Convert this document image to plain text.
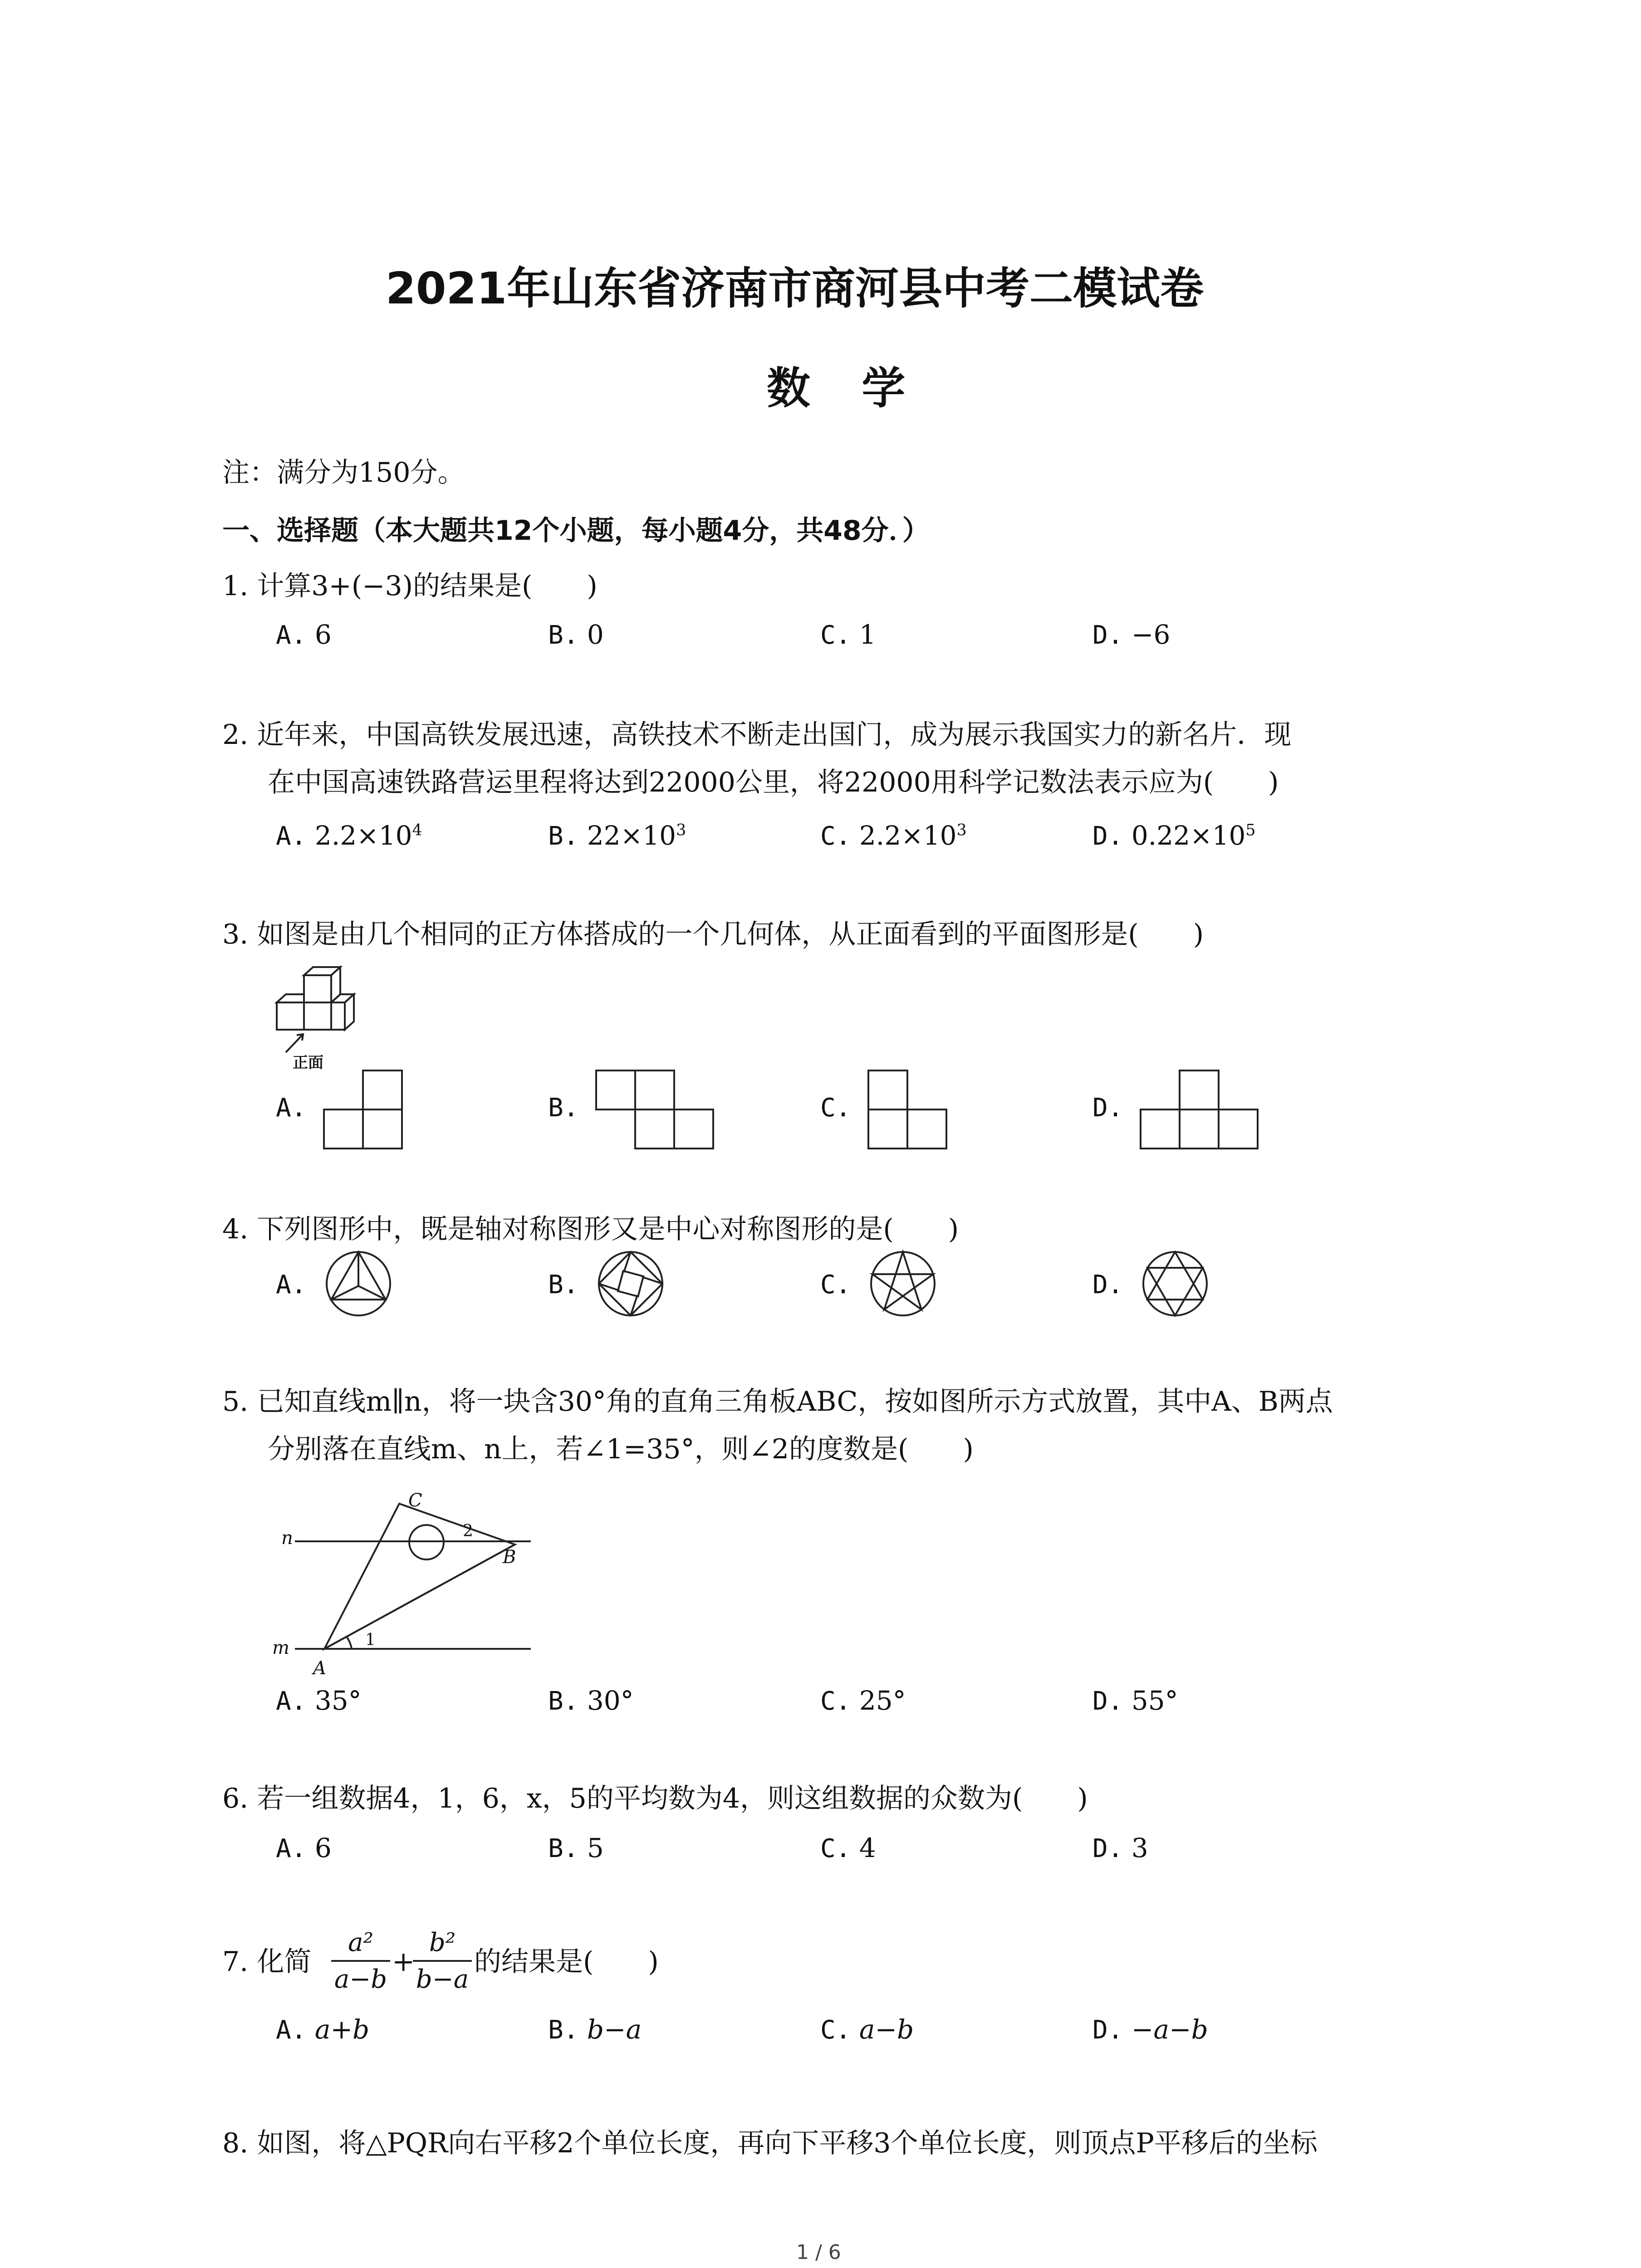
2021年山东省济南市商河县中考二模试卷
数 学
注：满分为150分。
一、选择题（本大题共12个小题，每小题4分，共48分．）
1. 计算3+(−3)的结果是(　　)
A. 6	B. 0	C. 1	D. −6
2. 近年来，中国高铁发展迅速，高铁技术不断走出国门，成为展示我国实力的新名片．现
在中国高速铁路营运里程将达到22000公里，将22000用科学记数法表示应为(　　)
A. $2.2\times 10^4$	B. $22\times 10^3$	C. $2.2\times 10^3$	D. $0.22\times 10^5$
3. 如图是由几个相同的正方体搭成的一个几何体，从正面看到的平面图形是(　　)
正面
A.	B.	C.	D.
4. 下列图形中，既是轴对称图形又是中心对称图形的是(　　)
A.	B.	C.	D.
5. 已知直线m∥n，将一块含30°角的直角三角板ABC，按如图所示方式放置，其中A、B两点
分别落在直线m、n上，若∠1=35°，则∠2的度数是(　　)
C
n	2
B
m
A
1
A. 35°	B. 30°	C. 25°	D. 55°
6. 若一组数据4，1，6，x，5的平均数为4，则这组数据的众数为(　　)
A. 6	B. 5	C. 4	D. 3
7. 化简 $\frac{\text{a²}}{a-b}$ +
$\frac{\text{b²}}{b-a}$ 的结果是(　　)
A. a+b	B. b−a	C. a−b	D. −a−b
8. 如图，将△PQR向右平移2个单位长度，再向下平移3个单位长度，则顶点P平移后的坐标
1 / 6
